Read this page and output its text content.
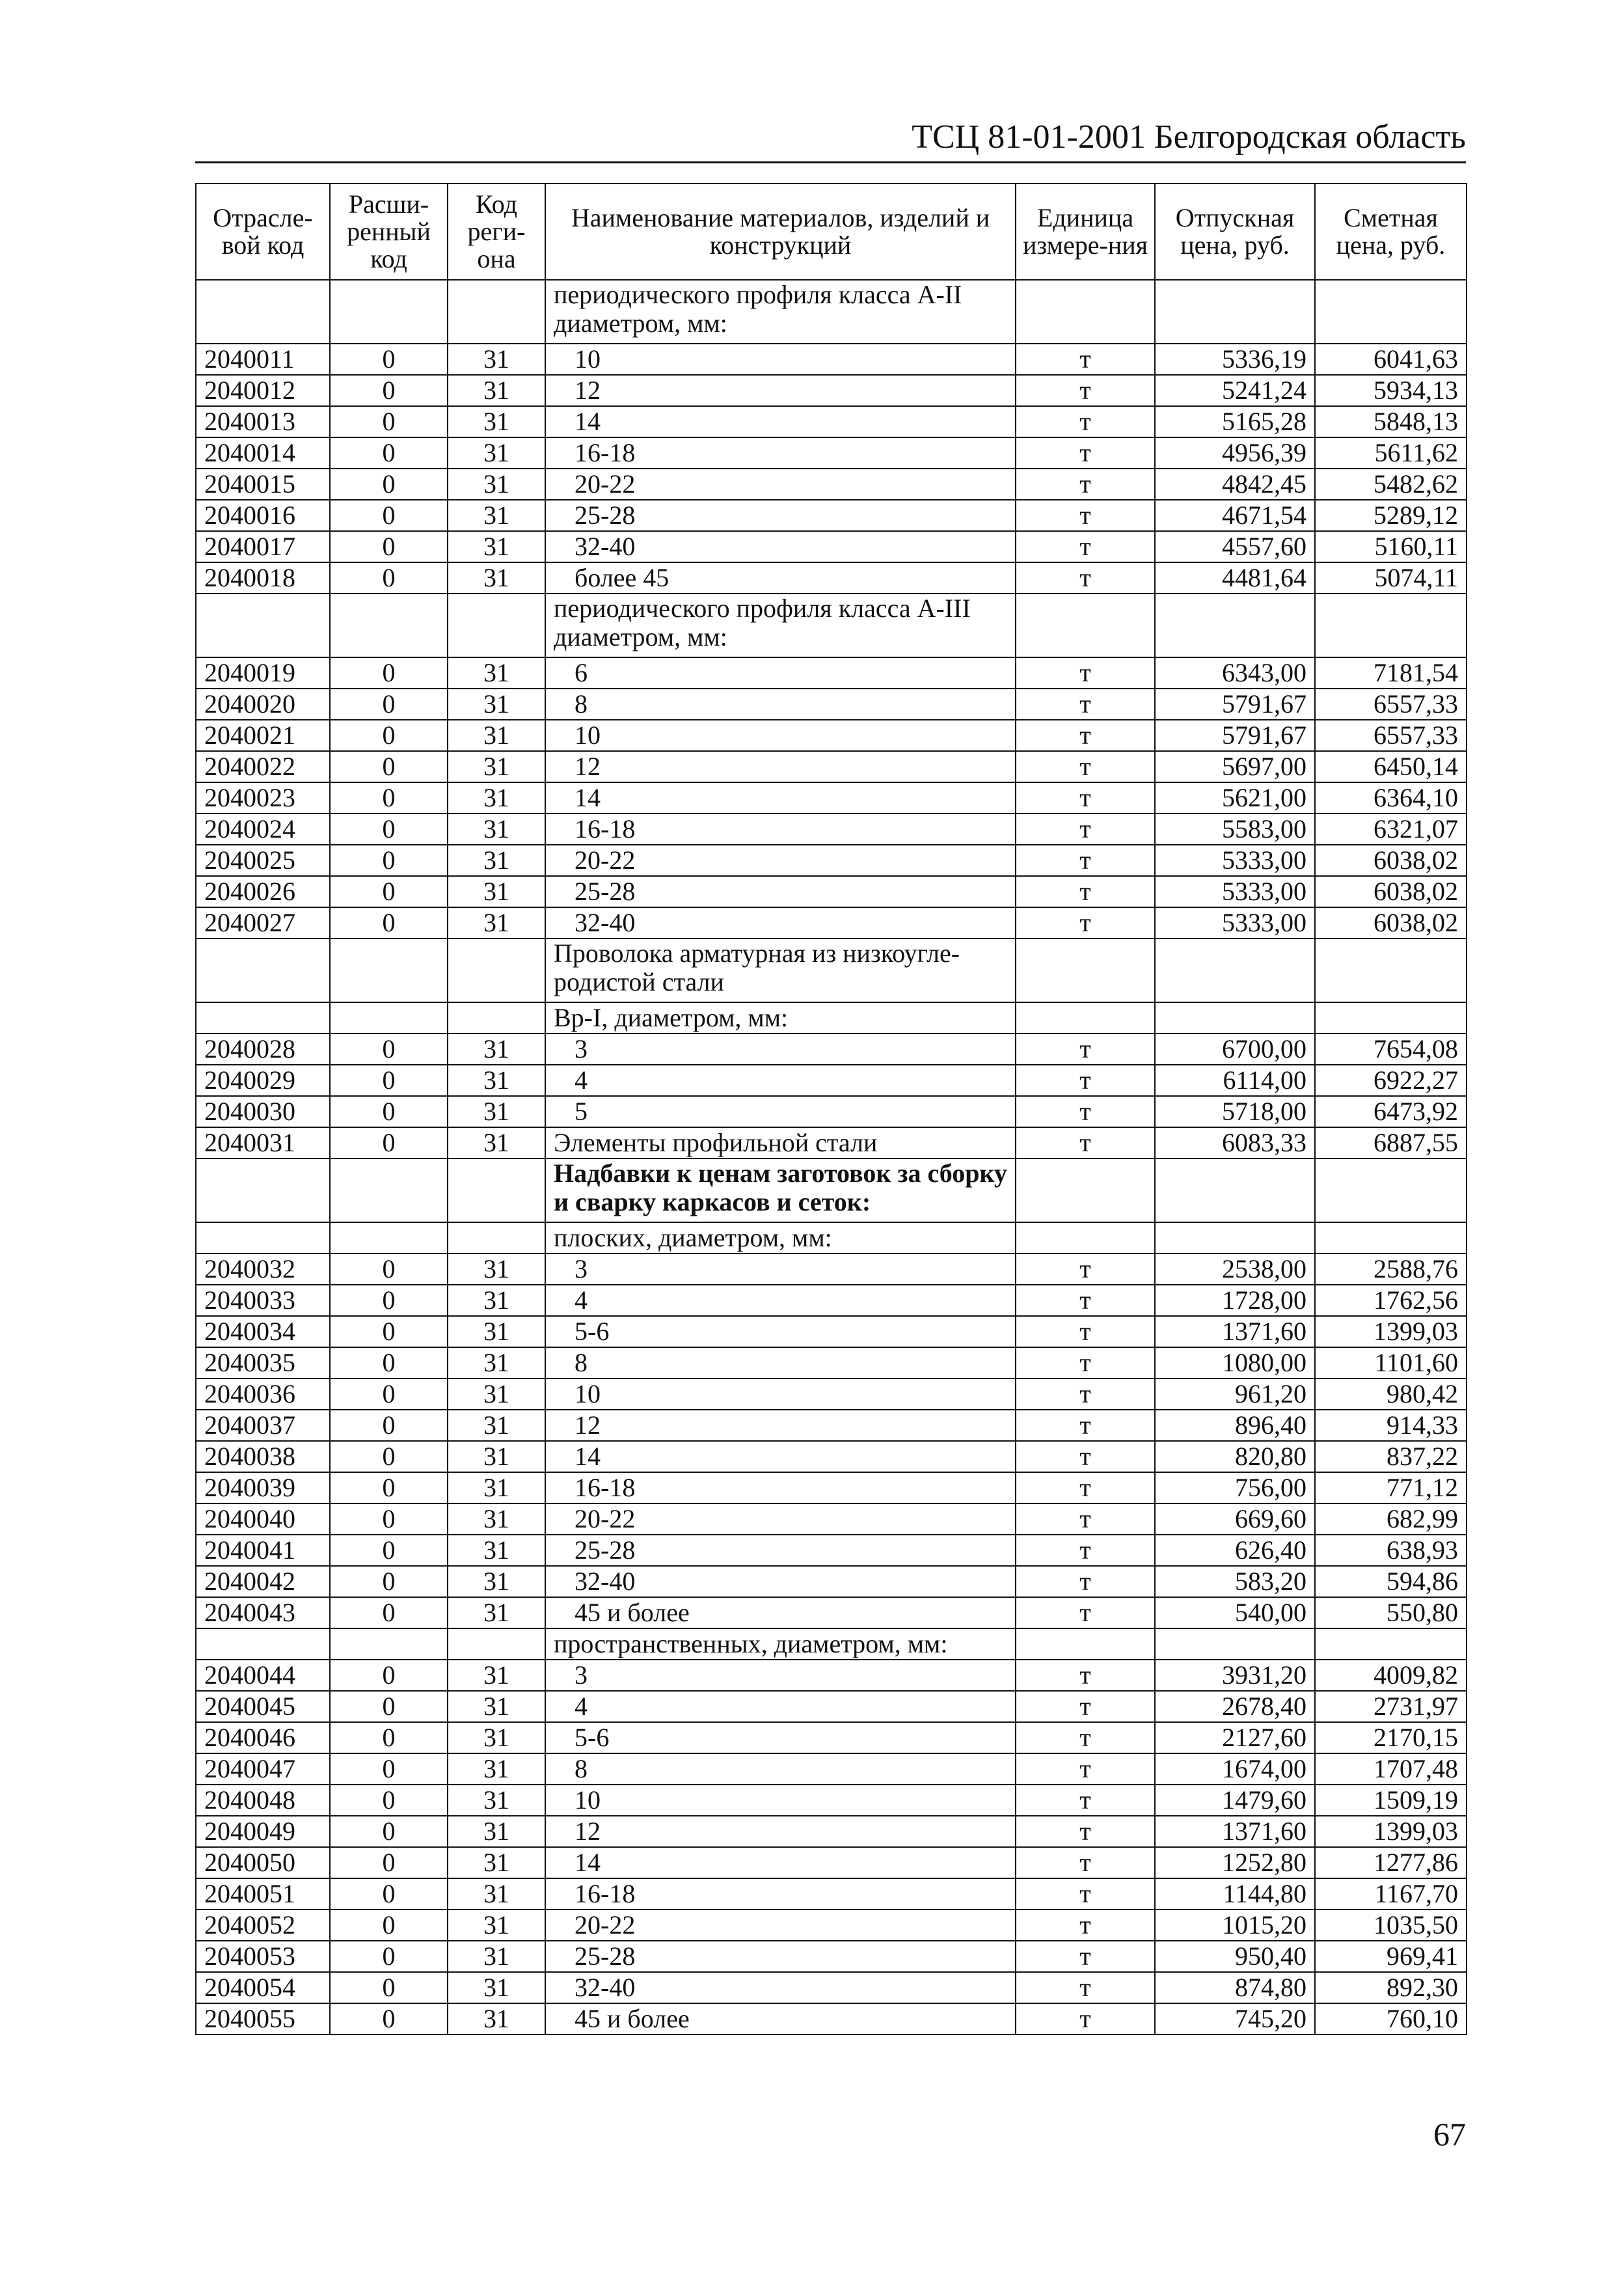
ТСЦ 81-01-2001 Белгородская область
Отрасле-вой код	Расши-ренный код	Код реги-она	Наименование материалов, изделий и конструкций	Единица измере-ния	Отпускная цена, руб.	Сметная цена, руб.
			периодического профиля класса А-II диаметром, мм:			
2040011	0	31	10	т	5336,19	6041,63
2040012	0	31	12	т	5241,24	5934,13
2040013	0	31	14	т	5165,28	5848,13
2040014	0	31	16-18	т	4956,39	5611,62
2040015	0	31	20-22	т	4842,45	5482,62
2040016	0	31	25-28	т	4671,54	5289,12
2040017	0	31	32-40	т	4557,60	5160,11
2040018	0	31	более 45	т	4481,64	5074,11
			периодического профиля класса А-III диаметром, мм:			
2040019	0	31	6	т	6343,00	7181,54
2040020	0	31	8	т	5791,67	6557,33
2040021	0	31	10	т	5791,67	6557,33
2040022	0	31	12	т	5697,00	6450,14
2040023	0	31	14	т	5621,00	6364,10
2040024	0	31	16-18	т	5583,00	6321,07
2040025	0	31	20-22	т	5333,00	6038,02
2040026	0	31	25-28	т	5333,00	6038,02
2040027	0	31	32-40	т	5333,00	6038,02
			Проволока арматурная из низкоугле-родистой стали			
			Вр-I, диаметром, мм:			
2040028	0	31	3	т	6700,00	7654,08
2040029	0	31	4	т	6114,00	6922,27
2040030	0	31	5	т	5718,00	6473,92
2040031	0	31	Элементы профильной стали	т	6083,33	6887,55
			Надбавки к ценам заготовок за сборку и сварку каркасов и сеток:			
			плоских, диаметром, мм:			
2040032	0	31	3	т	2538,00	2588,76
2040033	0	31	4	т	1728,00	1762,56
2040034	0	31	5-6	т	1371,60	1399,03
2040035	0	31	8	т	1080,00	1101,60
2040036	0	31	10	т	961,20	980,42
2040037	0	31	12	т	896,40	914,33
2040038	0	31	14	т	820,80	837,22
2040039	0	31	16-18	т	756,00	771,12
2040040	0	31	20-22	т	669,60	682,99
2040041	0	31	25-28	т	626,40	638,93
2040042	0	31	32-40	т	583,20	594,86
2040043	0	31	45 и более	т	540,00	550,80
			пространственных, диаметром, мм:			
2040044	0	31	3	т	3931,20	4009,82
2040045	0	31	4	т	2678,40	2731,97
2040046	0	31	5-6	т	2127,60	2170,15
2040047	0	31	8	т	1674,00	1707,48
2040048	0	31	10	т	1479,60	1509,19
2040049	0	31	12	т	1371,60	1399,03
2040050	0	31	14	т	1252,80	1277,86
2040051	0	31	16-18	т	1144,80	1167,70
2040052	0	31	20-22	т	1015,20	1035,50
2040053	0	31	25-28	т	950,40	969,41
2040054	0	31	32-40	т	874,80	892,30
2040055	0	31	45 и более	т	745,20	760,10
67
